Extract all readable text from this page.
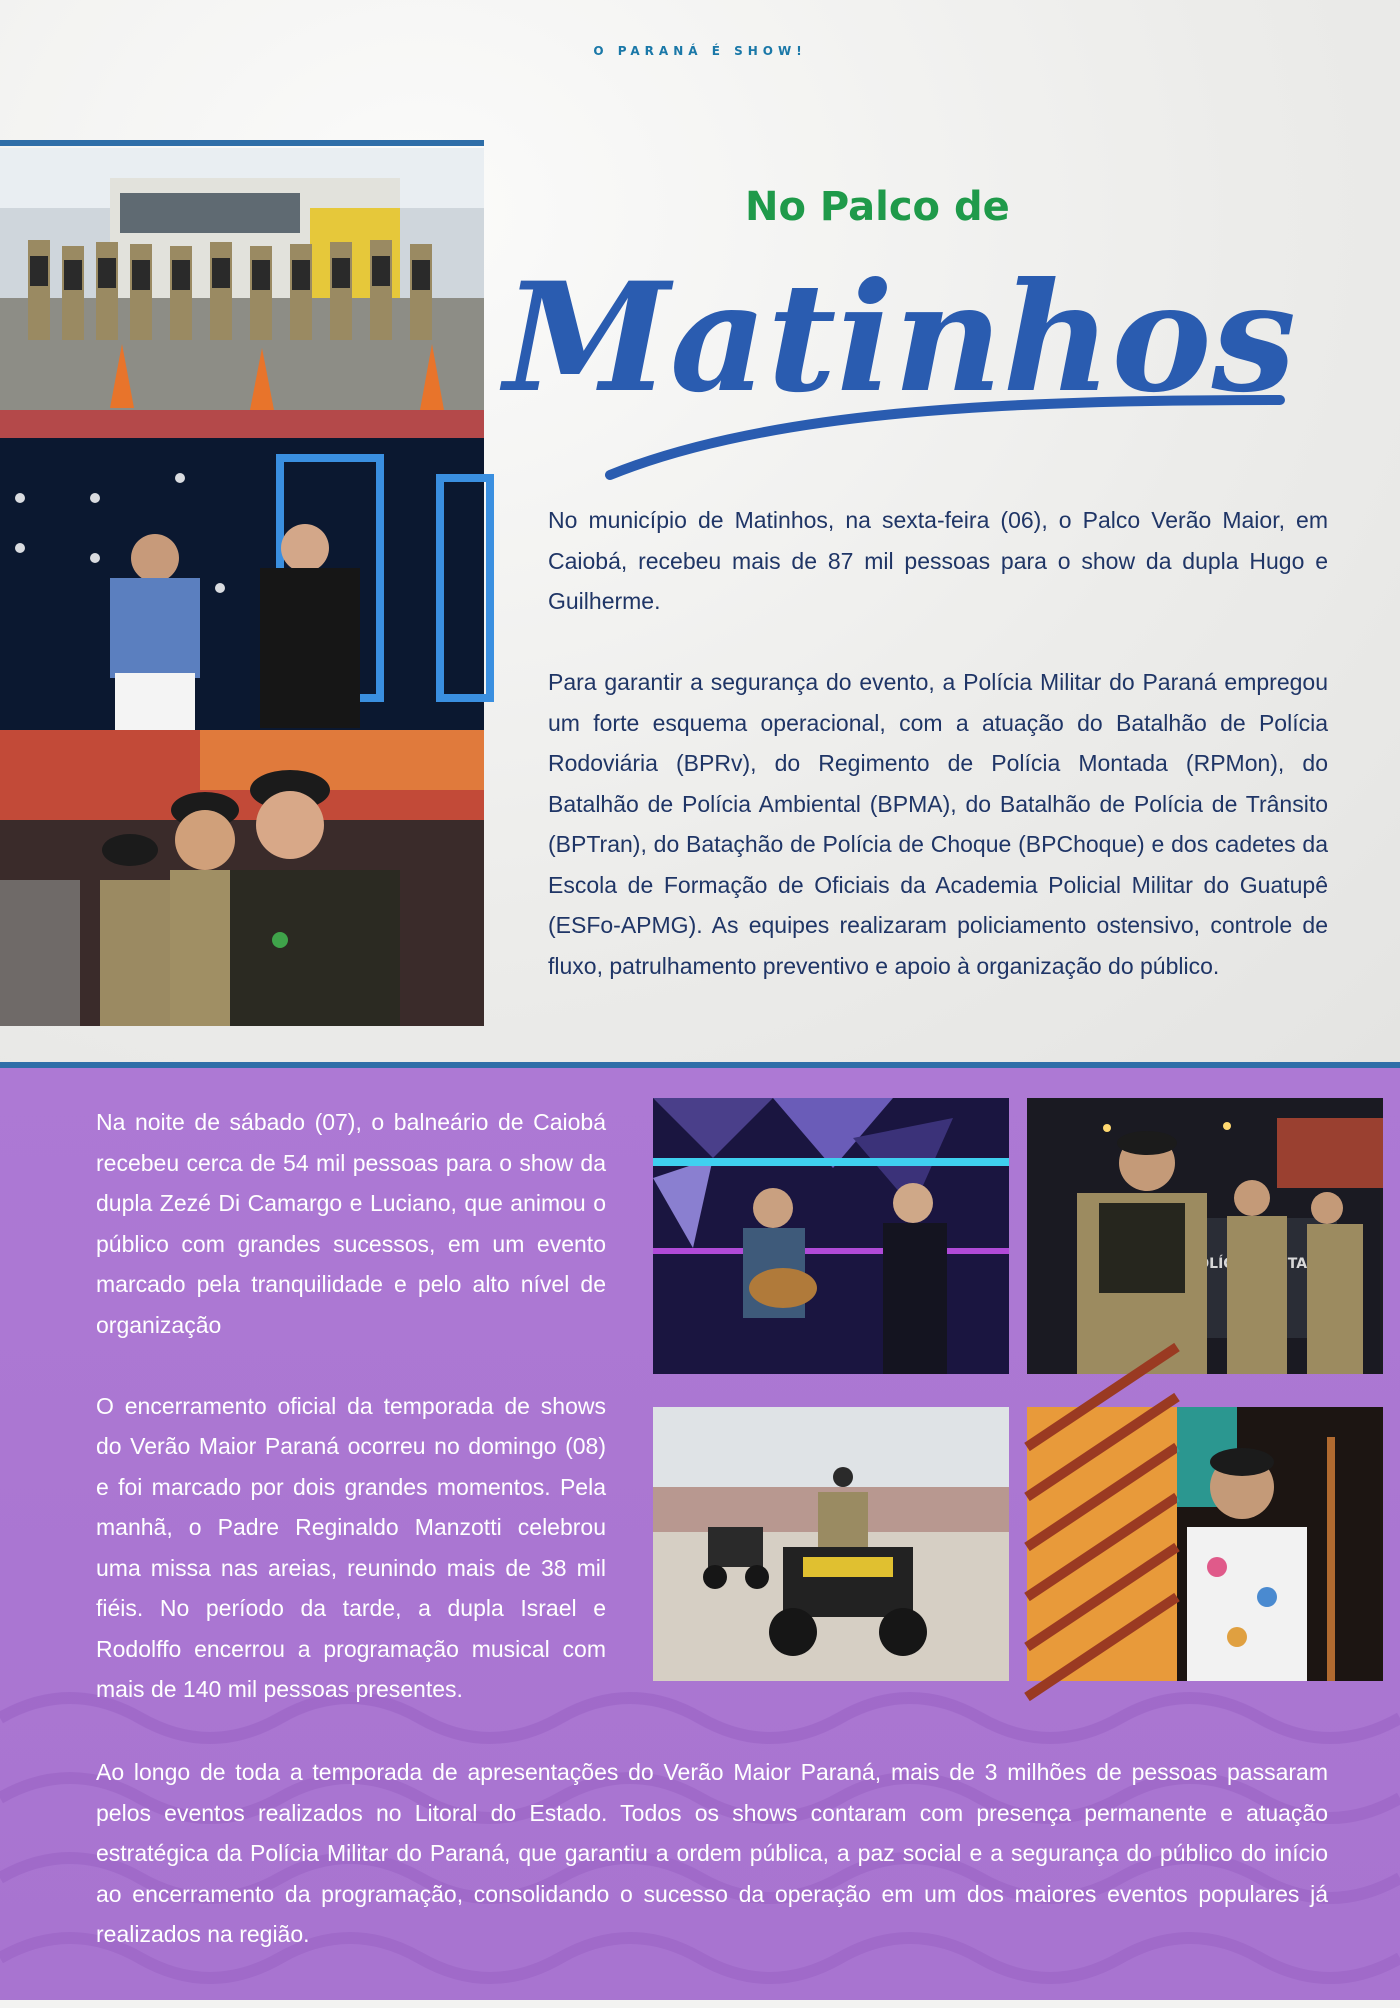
O PARANÁ É SHOW!
No Palco de
Matinhos

No município de Matinhos, na sexta-feira (06), o Palco Verão Maior, em Caiobá, recebeu mais de 87 mil pessoas para o show da dupla Hugo e Guilherme.

Para garantir a segurança do evento, a Polícia Militar do Paraná empregou um forte esquema operacional, com a atuação do Batalhão de Polícia Rodoviária (BPRv), do Regimento de Polícia Montada (RPMon), do Batalhão de Polícia Ambiental (BPMA), do Batalhão de Polícia de Trânsito (BPTran), do Bataçhão de Polícia de Choque (BPChoque) e dos cadetes da Escola de Formação de Oficiais da Academia Policial Militar do Guatupê (ESFo-APMG). As equipes realizaram policiamento ostensivo, controle de fluxo, patrulhamento preventivo e apoio à organização do público.

Na noite de sábado (07), o balneário de Caiobá recebeu cerca de 54 mil pessoas para o show da dupla Zezé Di Camargo e Luciano, que animou o público com grandes sucessos, em um evento marcado pela tranquilidade e pelo alto nível de organização

O encerramento oficial da temporada de shows do Verão Maior Paraná ocorreu no domingo (08) e foi marcado por dois grandes momentos. Pela manhã, o Padre Reginaldo Manzotti celebrou uma missa nas areias, reunindo mais de 38 mil fiéis. No período da tarde, a dupla Israel e Rodolffo encerrou a programação musical com mais de 140 mil pessoas presentes.

POLÍCIA

Ao longo de toda a temporada de apresentações do Verão Maior Paraná, mais de 3 milhões de pessoas passaram pelos eventos realizados no Litoral do Estado. Todos os shows contaram com presença permanente e atuação estratégica da Polícia Militar do Paraná, que garantiu a ordem pública, a paz social e a segurança do público do início ao encerramento da programação, consolidando o sucesso da operação em um dos maiores eventos populares já realizados na região.
